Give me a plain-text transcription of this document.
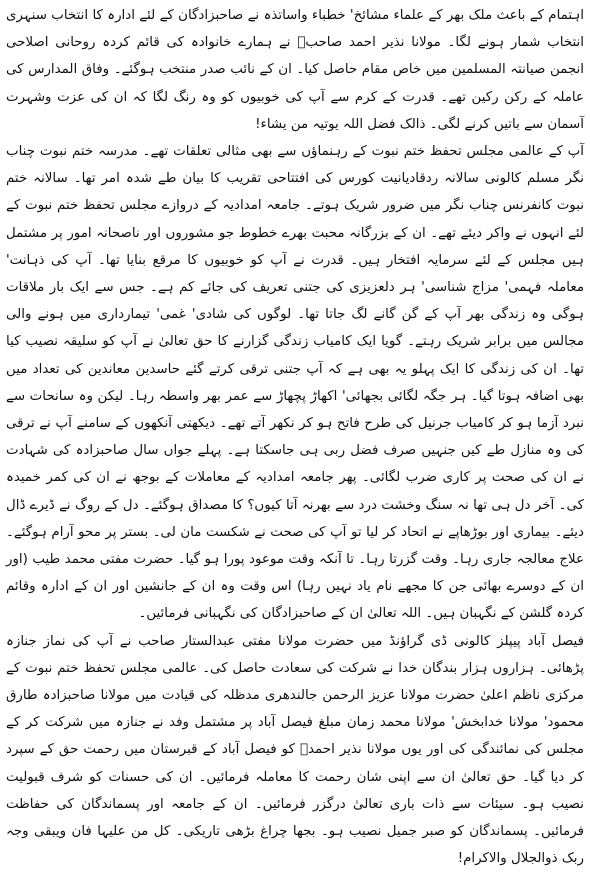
اہتمام کے باعث ملک بھر کے علماء مشائخ' خطباء واساتذہ نے صاحبزادگان کے لئے ادارہ کا انتخاب سنہری انتخاب شمار ہونے لگا۔ مولانا نذیر احمد صاحبؒ نے ہمارے خانوادہ کی قائم کردہ روحانی اصلاحی انجمن صیانتہ المسلمین میں خاص مقام حاصل کیا۔ ان کے نائب صدر منتخب ہوگئے۔ وفاق المدارس کی عاملہ کے رکن رکین تھے۔ قدرت کے کرم سے آپ کی خوبیوں کو وہ رنگ لگا کہ ان کی عزت وشہرت آسمان سے باتیں کرنے لگی۔ ذالک فضل اللہ یوتیہ من یشاء!

آپ کے عالمی مجلس تحفظ ختم نبوت کے رہنماؤں سے بھی مثالی تعلقات تھے۔ مدرسہ ختم نبوت چناب نگر مسلم کالونی سالانہ ردقادیانیت کورس کی افتتاحی تقریب کا بیان طے شدہ امر تھا۔ سالانہ ختم نبوت کانفرنس چناب نگر میں ضرور شریک ہوتے۔ جامعہ امدادیہ کے دروازے مجلس تحفظ ختم نبوت کے لئے انہوں نے واکر دیئے تھے۔ ان کے بزرگانہ محبت بھرے خطوط جو مشوروں اور ناصحانہ امور پر مشتمل ہیں مجلس کے لئے سرمایہ افتخار ہیں۔ قدرت نے آپ کو خوبیوں کا مرقع بنایا تھا۔ آپ کی ذہانت' معاملہ فہمی' مزاج شناسی' ہر دلعزیزی کی جتنی تعریف کی جائے کم ہے۔ جس سے ایک بار ملاقات ہوگی وہ زندگی بھر آپ کے گن گانے لگ جاتا تھا۔ لوگوں کی شادی' غمی' تیمارداری میں ہونے والی مجالس میں برابر شریک رہتے۔ گویا ایک کامیاب زندگی گزارنے کا حق تعالیٰ نے آپ کو سلیقہ نصیب کیا تھا۔ ان کی زندگی کا ایک پہلو یہ بھی ہے کہ آپ جتنی ترقی کرتے گئے حاسدین معاندین کی تعداد میں بھی اضافہ ہوتا گیا۔ ہر جگہ لگائی بجھائی' اکھاڑ پچھاڑ سے عمر بھر واسطہ رہا۔ لیکن وہ سانحات سے نبرد آزما ہو کر کامیاب جرنیل کی طرح فاتح ہو کر نکھر آتے تھے۔ دیکھتی آنکھوں کے سامنے آپ نے ترقی کی وہ منازل طے کیں جنہیں صرف فضل ربی ہی جاسکتا ہے۔ پہلے جواں سال صاحبزادہ کی شہادت نے ان کی صحت پر کاری ضرب لگائی۔ پھر جامعہ امدادیہ کے معاملات کے بوجھ نے ان کی کمر خمیدہ کی۔ آخر دل ہی تھا نہ سنگ وخشت درد سے بھرنہ آتا کیوں؟ کا مصداق ہوگئے۔ دل کے روگ نے ڈیرے ڈال دیئے۔ بیماری اور بوڑھاپے نے اتحاد کر لیا تو آپ کی صحت نے شکست مان لی۔ بستر پر محو آرام ہوگئے۔ علاج معالجہ جاری رہا۔ وقت گزرتا رہا۔ تا آنکہ وقت موعود پورا ہو گیا۔ حضرت مفتی محمد طیب (اور ان کے دوسرے بھائی جن کا مجھے نام یاد نہیں رہا) اس وقت وہ ان کے جانشین اور ان کے ادارہ وقائم کردہ گلشن کے نگہبان ہیں۔ اللہ تعالیٰ ان کے صاحبزادگان کی نگہبانی فرمائیں۔

فیصل آباد پیپلز کالونی ڈی گراؤنڈ میں حضرت مولانا مفتی عبدالستار صاحب نے آپ کی نماز جنازہ پڑھائی۔ ہزاروں ہزار بندگان خدا نے شرکت کی سعادت حاصل کی۔ عالمی مجلس تحفظ ختم نبوت کے مرکزی ناظم اعلیٰ حضرت مولانا عزیز الرحمن جالندھری مدظلہ کی قیادت میں مولانا صاحبزادہ طارق محمود' مولانا خدابخش' مولانا محمد زمان مبلغ فیصل آباد پر مشتمل وفد نے جنازہ میں شرکت کر کے مجلس کی نمائندگی کی اور یوں مولانا نذیر احمدؒ کو فیصل آباد کے قبرستان میں رحمت حق کے سپرد کر دیا گیا۔ حق تعالیٰ ان سے اپنی شان رحمت کا معاملہ فرمائیں۔ ان کی حسنات کو شرف قبولیت نصیب ہو۔ سیئات سے ذات باری تعالیٰ درگزر فرمائیں۔ ان کے جامعہ اور پسماندگان کی حفاظت فرمائیں۔ پسماندگان کو صبر جمیل نصیب ہو۔ بجھا چراغ بڑھی تاریکی۔ کل من علیہا فان ویبقی وجہ ربک ذوالجلال والاکرام!
